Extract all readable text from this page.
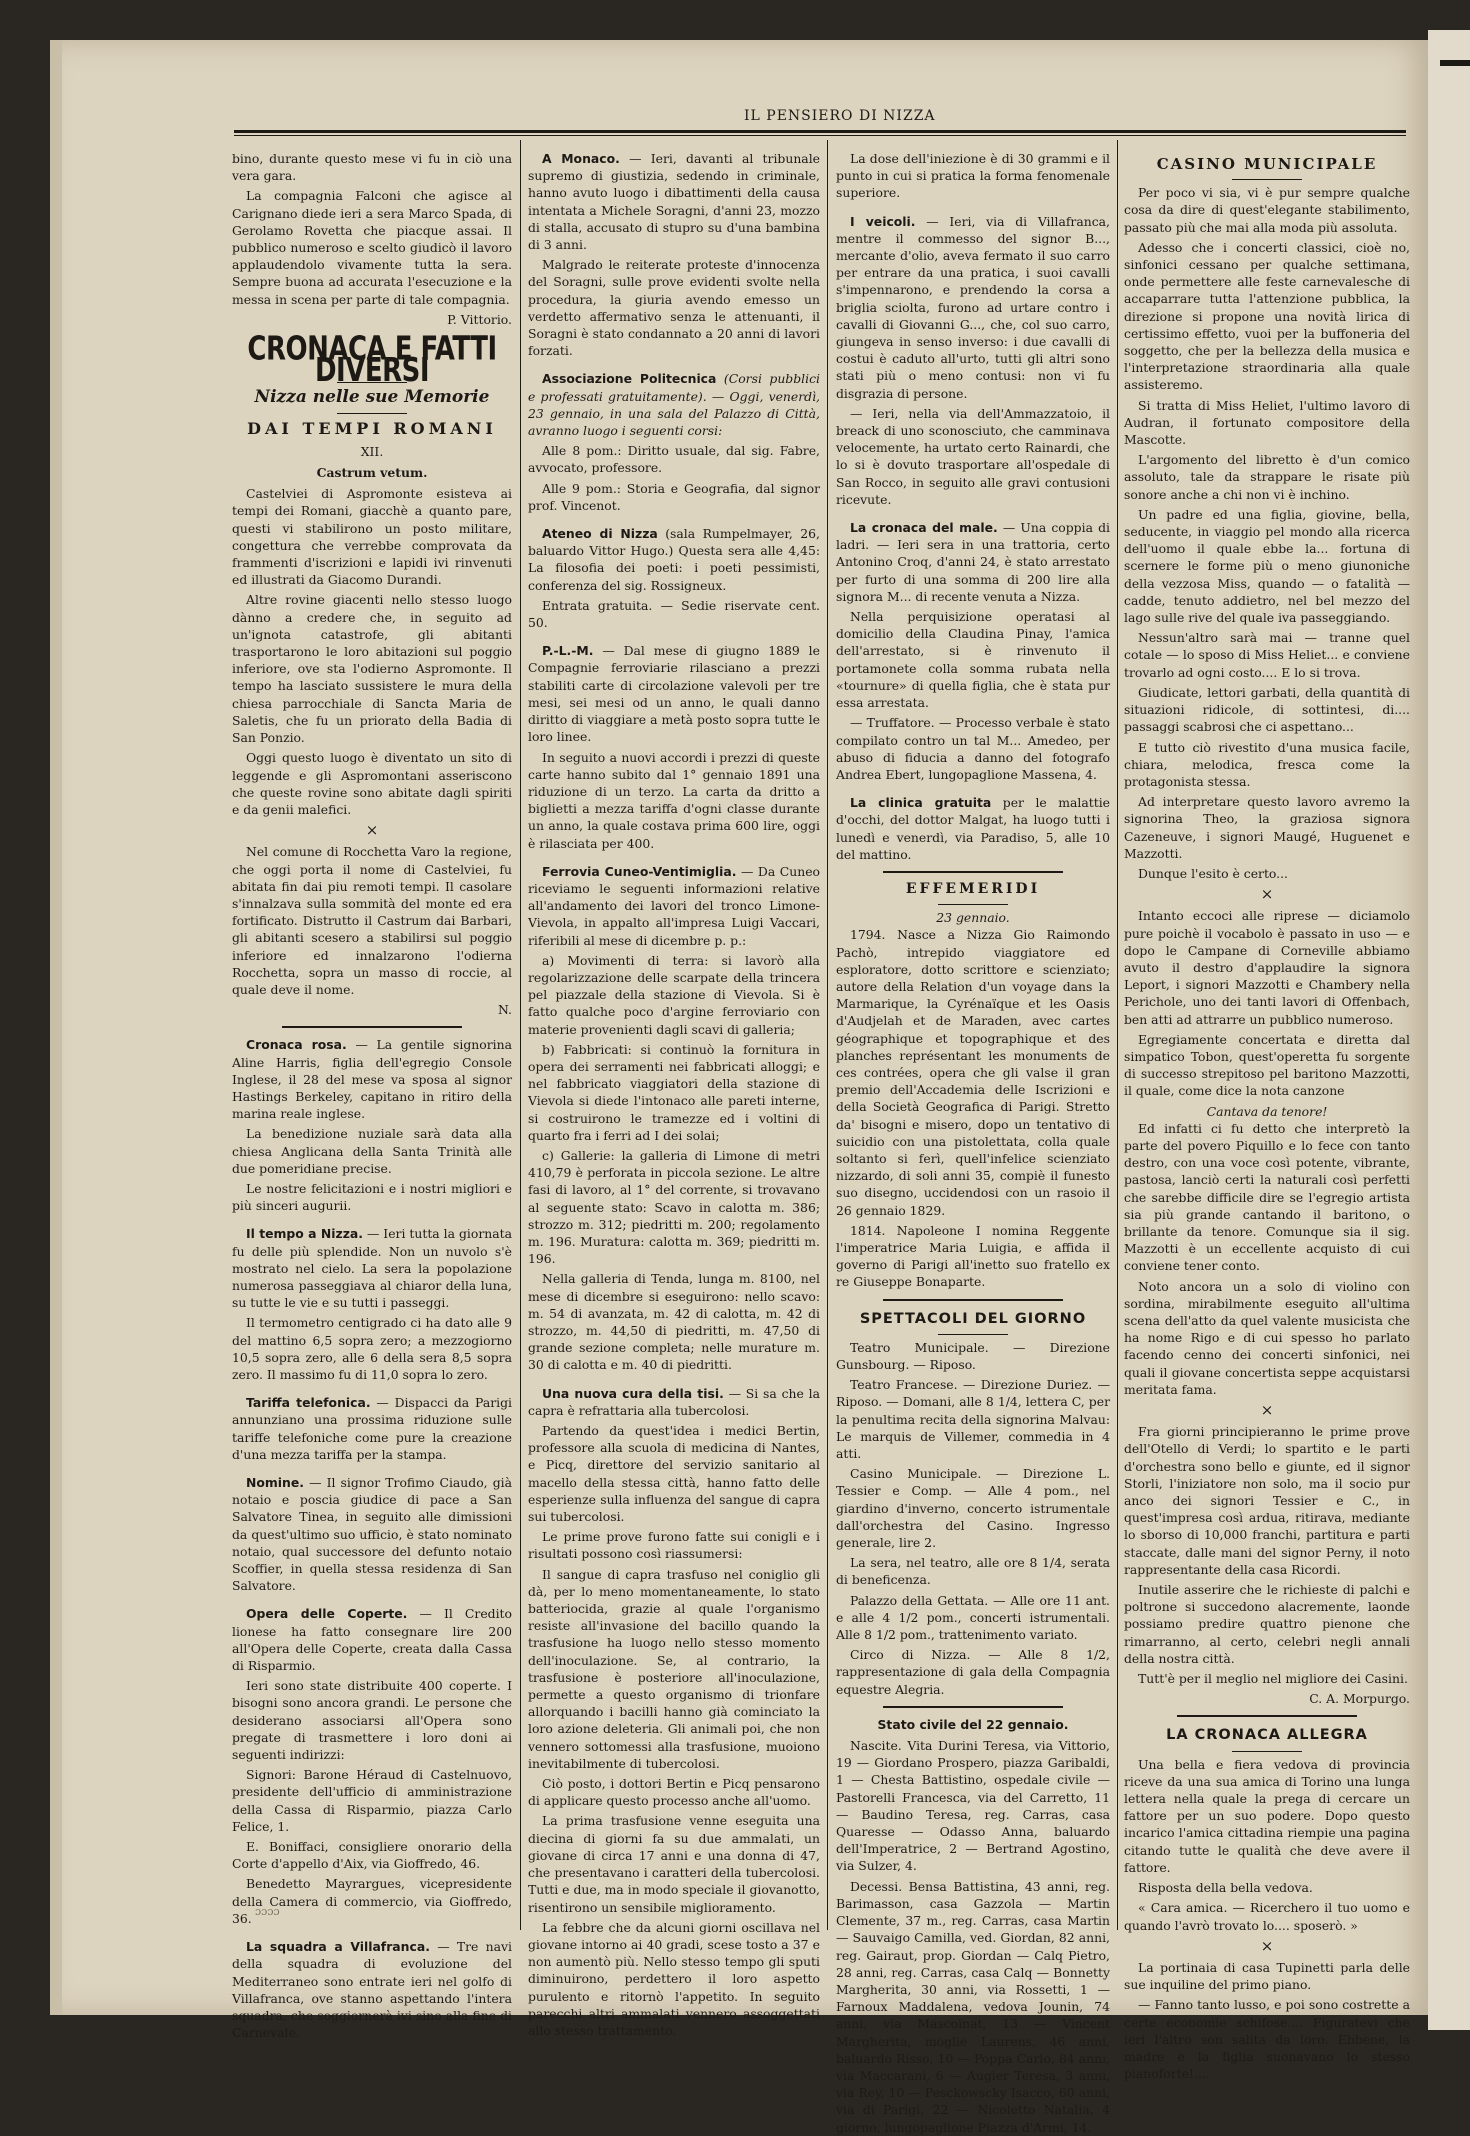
IL PENSIERO DI NIZZA

bino, durante questo mese vi fu in ciò una vera gara.

La compagnia Falconi che agisce al Carignano diede ieri a sera Marco Spada, di Gerolamo Rovetta che piacque assai. Il pubblico numeroso e scelto giudicò il lavoro applaudendolo vivamente tutta la sera. Sempre buona ad accurata l'esecuzione e la messa in scena per parte di tale compagnia.

P. Vittorio.

CRONACA E FATTI DIVERSI
Nizza nelle sue Memorie
DAI TEMPI ROMANI
XII.
Castrum vetum.

Castelviei di Aspromonte esisteva ai tempi dei Romani, giacchè a quanto pare, questi vi stabilirono un posto militare, congettura che verrebbe comprovata da frammenti d'iscrizioni e lapidi ivi rinvenuti ed illustrati da Giacomo Durandi.

Altre rovine giacenti nello stesso luogo dànno a credere che, in seguito ad un'ignota catastrofe, gli abitanti trasportarono le loro abitazioni sul poggio inferiore, ove sta l'odierno Aspromonte. Il tempo ha lasciato sussistere le mura della chiesa parrocchiale di Sancta Maria de Saletis, che fu un priorato della Badia di San Ponzio.

Oggi questo luogo è diventato un sito di leggende e gli Aspromontani asseriscono che queste rovine sono abitate dagli spiriti e da genii malefici.

×

Nel comune di Rocchetta Varo la regione, che oggi porta il nome di Castelviei, fu abitata fin dai piu remoti tempi. Il casolare s'innalzava sulla sommità del monte ed era fortificato. Distrutto il Castrum dai Barbari, gli abitanti scesero a stabilirsi sul poggio inferiore ed innalzarono l'odierna Rocchetta, sopra un masso di roccie, al quale deve il nome.

N.

Cronaca rosa. — La gentile signorina Aline Harris, figlia dell'egregio Console Inglese, il 28 del mese va sposa al signor Hastings Berkeley, capitano in ritiro della marina reale inglese.

La benedizione nuziale sarà data alla chiesa Anglicana della Santa Trinità alle due pomeridiane precise.

Le nostre felicitazioni e i nostri migliori e più sinceri augurii.

Il tempo a Nizza. — Ieri tutta la giornata fu delle più splendide. Non un nuvolo s'è mostrato nel cielo. La sera la popolazione numerosa passeggiava al chiaror della luna, su tutte le vie e su tutti i passeggi.

Il termometro centigrado ci ha dato alle 9 del mattino 6,5 sopra zero; a mezzogiorno 10,5 sopra zero, alle 6 della sera 8,5 sopra zero. Il massimo fu di 11,0 sopra lo zero.

Tariffa telefonica. — Dispacci da Parigi annunziano una prossima riduzione sulle tariffe telefoniche come pure la creazione d'una mezza tariffa per la stampa.

Nomine. — Il signor Trofimo Ciaudo, già notaio e poscia giudice di pace a San Salvatore Tinea, in seguito alle dimissioni da quest'ultimo suo ufficio, è stato nominato notaio, qual successore del defunto notaio Scoffier, in quella stessa residenza di San Salvatore.

Opera delle Coperte. — Il Credito lionese ha fatto consegnare lire 200 all'Opera delle Coperte, creata dalla Cassa di Risparmio.

Ieri sono state distribuite 400 coperte. I bisogni sono ancora grandi. Le persone che desiderano associarsi all'Opera sono pregate di trasmettere i loro doni ai seguenti indirizzi:

Signori: Barone Héraud di Castelnuovo, presidente dell'ufficio di amministrazione della Cassa di Risparmio, piazza Carlo Felice, 1.

E. Boniffaci, consigliere onorario della Corte d'appello d'Aix, via Gioffredo, 46.

Benedetto Mayrargues, vicepresidente della Camera di commercio, via Gioffredo, 36.

La squadra a Villafranca. — Tre navi della squadra di evoluzione del Mediterraneo sono entrate ieri nel golfo di Villafranca, ove stanno aspettando l'intera squadra, che soggiornerà ivi sino alla fine di Carnevale.

A Monaco. — Ieri, davanti al tribunale supremo di giustizia, sedendo in criminale, hanno avuto luogo i dibattimenti della causa intentata a Michele Soragni, d'anni 23, mozzo di stalla, accusato di stupro su d'una bambina di 3 anni.

Malgrado le reiterate proteste d'innocenza del Soragni, sulle prove evidenti svolte nella procedura, la giuria avendo emesso un verdetto affermativo senza le attenuanti, il Soragni è stato condannato a 20 anni di lavori forzati.

Associazione Politecnica (Corsi pubblici e professati gratuitamente). — Oggi, venerdì, 23 gennaio, in una sala del Palazzo di Città, avranno luogo i seguenti corsi:

Alle 8 pom.: Diritto usuale, dal sig. Fabre, avvocato, professore.

Alle 9 pom.: Storia e Geografia, dal signor prof. Vincenot.

Ateneo di Nizza (sala Rumpelmayer, 26, baluardo Vittor Hugo.) Questa sera alle 4,45: La filosofia dei poeti: i poeti pessimisti, conferenza del sig. Rossigneux.

Entrata gratuita. — Sedie riservate cent. 50.

P.-L.-M. — Dal mese di giugno 1889 le Compagnie ferroviarie rilasciano a prezzi stabiliti carte di circolazione valevoli per tre mesi, sei mesi od un anno, le quali danno diritto di viaggiare a metà posto sopra tutte le loro linee.

In seguito a nuovi accordi i prezzi di queste carte hanno subito dal 1° gennaio 1891 una riduzione di un terzo. La carta da dritto a biglietti a mezza tariffa d'ogni classe durante un anno, la quale costava prima 600 lire, oggi è rilasciata per 400.

Ferrovia Cuneo-Ventimiglia. — Da Cuneo riceviamo le seguenti informazioni relative all'andamento dei lavori del tronco Limone-Vievola, in appalto all'impresa Luigi Vaccari, riferibili al mese di dicembre p. p.:

a) Movimenti di terra: si lavorò alla regolarizzazione delle scarpate della trincera pel piazzale della stazione di Vievola. Si è fatto qualche poco d'argine ferroviario con materie provenienti dagli scavi di galleria;

b) Fabbricati: si continuò la fornitura in opera dei serramenti nei fabbricati alloggi; e nel fabbricato viaggiatori della stazione di Vievola si diede l'intonaco alle pareti interne, si costruirono le tramezze ed i voltini di quarto fra i ferri ad I dei solai;

c) Gallerie: la galleria di Limone di metri 410,79 è perforata in piccola sezione. Le altre fasi di lavoro, al 1° del corrente, si trovavano al seguente stato: Scavo in calotta m. 386; strozzo m. 312; piedritti m. 200; regolamento m. 196. Muratura: calotta m. 369; piedritti m. 196.

Nella galleria di Tenda, lunga m. 8100, nel mese di dicembre si eseguirono: nello scavo: m. 54 di avanzata, m. 42 di calotta, m. 42 di strozzo, m. 44,50 di piedritti, m. 47,50 di grande sezione completa; nelle murature m. 30 di calotta e m. 40 di piedritti.

Una nuova cura della tisi. — Si sa che la capra è refrattaria alla tubercolosi.

Partendo da quest'idea i medici Bertin, professore alla scuola di medicina di Nantes, e Picq, direttore del servizio sanitario al macello della stessa città, hanno fatto delle esperienze sulla influenza del sangue di capra sui tubercolosi.

Le prime prove furono fatte sui conigli e i risultati possono così riassumersi:

Il sangue di capra trasfuso nel coniglio gli dà, per lo meno momentaneamente, lo stato batteriocida, grazie al quale l'organismo resiste all'invasione del bacillo quando la trasfusione ha luogo nello stesso momento dell'inoculazione. Se, al contrario, la trasfusione è posteriore all'inoculazione, permette a questo organismo di trionfare allorquando i bacilli hanno già cominciato la loro azione deleteria. Gli animali poi, che non vennero sottomessi alla trasfusione, muoiono inevitabilmente di tubercolosi.

Ciò posto, i dottori Bertin e Picq pensarono di applicare questo processo anche all'uomo.

La prima trasfusione venne eseguita una diecina di giorni fa su due ammalati, un giovane di circa 17 anni e una donna di 47, che presentavano i caratteri della tubercolosi. Tutti e due, ma in modo speciale il giovanotto, risentirono un sensibile miglioramento.

La febbre che da alcuni giorni oscillava nel giovane intorno ai 40 gradi, scese tosto a 37 e non aumentò più. Nello stesso tempo gli sputi diminuirono, perdettero il loro aspetto purulento e ritornò l'appetito. In seguito parecchi altri ammalati vennero assoggettati allo stesso trattamento.

La dose dell'iniezione è di 30 grammi e il punto in cui si pratica la forma fenomenale superiore.

I veicoli. — Ieri, via di Villafranca, mentre il commesso del signor B..., mercante d'olio, aveva fermato il suo carro per entrare da una pratica, i suoi cavalli s'impennarono, e prendendo la corsa a briglia sciolta, furono ad urtare contro i cavalli di Giovanni G..., che, col suo carro, giungeva in senso inverso: i due cavalli di costui è caduto all'urto, tutti gli altri sono stati più o meno contusi: non vi fu disgrazia di persone.

— Ieri, nella via dell'Ammazzatoio, il breack di uno sconosciuto, che camminava velocemente, ha urtato certo Rainardi, che lo si è dovuto trasportare all'ospedale di San Rocco, in seguito alle gravi contusioni ricevute.

La cronaca del male. — Una coppia di ladri. — Ieri sera in una trattoria, certo Antonino Croq, d'anni 24, è stato arrestato per furto di una somma di 200 lire alla signora M... di recente venuta a Nizza.

Nella perquisizione operatasi al domicilio della Claudina Pinay, l'amica dell'arrestato, si è rinvenuto il portamonete colla somma rubata nella «tournure» di quella figlia, che è stata pur essa arrestata.

— Truffatore. — Processo verbale è stato compilato contro un tal M... Amedeo, per abuso di fiducia a danno del fotografo Andrea Ebert, lungopaglione Massena, 4.

La clinica gratuita per le malattie d'occhi, del dottor Malgat, ha luogo tutti i lunedì e venerdì, via Paradiso, 5, alle 10 del mattino.

EFFEMERIDI
23 gennaio.

1794. Nasce a Nizza Gio Raimondo Pachò, intrepido viaggiatore ed esploratore, dotto scrittore e scienziato; autore della Relation d'un voyage dans la Marmarique, la Cyrénaïque et les Oasis d'Audjelah et de Maraden, avec cartes géographique et topographique et des planches représentant les monuments de ces contrées, opera che gli valse il gran premio dell'Accademia delle Iscrizioni e della Società Geografica di Parigi. Stretto da' bisogni e misero, dopo un tentativo di suicidio con una pistolettata, colla quale soltanto si ferì, quell'infelice scienziato nizzardo, di soli anni 35, compiè il funesto suo disegno, uccidendosi con un rasoio il 26 gennaio 1829.

1814. Napoleone I nomina Reggente l'imperatrice Maria Luigia, e affida il governo di Parigi all'inetto suo fratello ex re Giuseppe Bonaparte.

SPETTACOLI DEL GIORNO

Teatro Municipale. — Direzione Gunsbourg. — Riposo.

Teatro Francese. — Direzione Duriez. — Riposo. — Domani, alle 8 1/4, lettera C, per la penultima recita della signorina Malvau: Le marquis de Villemer, commedia in 4 atti.

Casino Municipale. — Direzione L. Tessier e Comp. — Alle 4 pom., nel giardino d'inverno, concerto istrumentale dall'orchestra del Casino. Ingresso generale, lire 2.

La sera, nel teatro, alle ore 8 1/4, serata di beneficenza.

Palazzo della Gettata. — Alle ore 11 ant. e alle 4 1/2 pom., concerti istrumentali. Alle 8 1/2 pom., trattenimento variato.

Circo di Nizza. — Alle 8 1/2, rappresentazione di gala della Compagnia equestre Alegria.

Stato civile del 22 gennaio.

Nascite. Vita Durini Teresa, via Vittorio, 19 — Giordano Prospero, piazza Garibaldi, 1 — Chesta Battistino, ospedale civile — Pastorelli Francesca, via del Carretto, 11 — Baudino Teresa, reg. Carras, casa Quaresse — Odasso Anna, baluardo dell'Imperatrice, 2 — Bertrand Agostino, via Sulzer, 4.

Decessi. Bensa Battistina, 43 anni, reg. Barimasson, casa Gazzola — Martin Clemente, 37 m., reg. Carras, casa Martin — Sauvaigo Camilla, ved. Giordan, 82 anni, reg. Gairaut, prop. Giordan — Calq Pietro, 28 anni, reg. Carras, casa Calq — Bonnetty Margherita, 30 anni, via Rossetti, 1 — Farnoux Maddalena, vedova Jounin, 74 anni, via Mascoïnat, 13 — Vincent Margherita, moglie Laurens, 46 anni, baluardo Risso, 10 — Poppa Carlo, 84 anni, via Maccarani, 6 — Augier Teresa, 3 anni, via Rey, 10 — Pesckowscky Isacco, 60 anni, via di Parigi, 22 — Nicoletto Natalia, 4 giorno, lungopaglione Piazza d'Armi, 14.

CASINO MUNICIPALE

Per poco vi sia, vi è pur sempre qualche cosa da dire di quest'elegante stabilimento, passato più che mai alla moda più assoluta.

Adesso che i concerti classici, cioè no, sinfonici cessano per qualche settimana, onde permettere alle feste carnevalesche di accaparrare tutta l'attenzione pubblica, la direzione si propone una novità lirica di certissimo effetto, vuoi per la buffoneria del soggetto, che per la bellezza della musica e l'interpretazione straordinaria alla quale assisteremo.

Si tratta di Miss Heliet, l'ultimo lavoro di Audran, il fortunato compositore della Mascotte.

L'argomento del libretto è d'un comico assoluto, tale da strappare le risate più sonore anche a chi non vi è inchino.

Un padre ed una figlia, giovine, bella, seducente, in viaggio pel mondo alla ricerca dell'uomo il quale ebbe la... fortuna di scernere le forme più o meno giunoniche della vezzosa Miss, quando — o fatalità — cadde, tenuto addietro, nel bel mezzo del lago sulle rive del quale iva passeggiando.

Nessun'altro sarà mai — tranne quel cotale — lo sposo di Miss Heliet... e conviene trovarlo ad ogni costo.... E lo si trova.

Giudicate, lettori garbati, della quantità di situazioni ridicole, di sottintesi, di.... passaggi scabrosi che ci aspettano...

E tutto ciò rivestito d'una musica facile, chiara, melodica, fresca come la protagonista stessa.

Ad interpretare questo lavoro avremo la signorina Theo, la graziosa signora Cazeneuve, i signori Maugé, Huguenet e Mazzotti.

Dunque l'esito è certo...

×

Intanto eccoci alle riprese — diciamolo pure poichè il vocabolo è passato in uso — e dopo le Campane di Corneville abbiamo avuto il destro d'applaudire la signora Leport, i signori Mazzotti e Chambery nella Perichole, uno dei tanti lavori di Offenbach, ben atti ad attrarre un pubblico numeroso.

Egregiamente concertata e diretta dal simpatico Tobon, quest'operetta fu sorgente di successo strepitoso pel baritono Mazzotti, il quale, come dice la nota canzone

Cantava da tenore!

Ed infatti ci fu detto che interpretò la parte del povero Piquillo e lo fece con tanto destro, con una voce così potente, vibrante, pastosa, lanciò certi la naturali così perfetti che sarebbe difficile dire se l'egregio artista sia più grande cantando il baritono, o brillante da tenore. Comunque sia il sig. Mazzotti è un eccellente acquisto di cui conviene tener conto.

Noto ancora un a solo di violino con sordina, mirabilmente eseguito all'ultima scena dell'atto da quel valente musicista che ha nome Rigo e di cui spesso ho parlato facendo cenno dei concerti sinfonici, nei quali il giovane concertista seppe acquistarsi meritata fama.

×

Fra giorni principieranno le prime prove dell'Otello di Verdi; lo spartito e le parti d'orchestra sono bello e giunte, ed il signor Storli, l'iniziatore non solo, ma il socio pur anco dei signori Tessier e C., in quest'impresa così ardua, ritirava, mediante lo sborso di 10,000 franchi, partitura e parti staccate, dalle mani del signor Perny, il noto rappresentante della casa Ricordi.

Inutile asserire che le richieste di palchi e poltrone si succedono alacremente, laonde possiamo predire quattro pienone che rimarranno, al certo, celebri negli annali della nostra città.

Tutt'è per il meglio nel migliore dei Casini.

C. A. Morpurgo.

LA CRONACA ALLEGRA

Una bella e fiera vedova di provincia riceve da una sua amica di Torino una lunga lettera nella quale la prega di cercare un fattore per un suo podere. Dopo questo incarico l'amica cittadina riempie una pagina citando tutte le qualità che deve avere il fattore.

Risposta della bella vedova.

« Cara amica. — Ricerchero il tuo uomo e quando l'avrò trovato lo.... sposerò. »

×

La portinaia di casa Tupinetti parla delle sue inquiline del primo piano.

— Fanno tanto lusso, e poi sono costrette a certe economie schifose.... Figuratevi che ieri l'altro son salita da loro. Ebbene, la madre e la figlia suonavano lo stesso pianoforte!....

ɔɔɔɔ
